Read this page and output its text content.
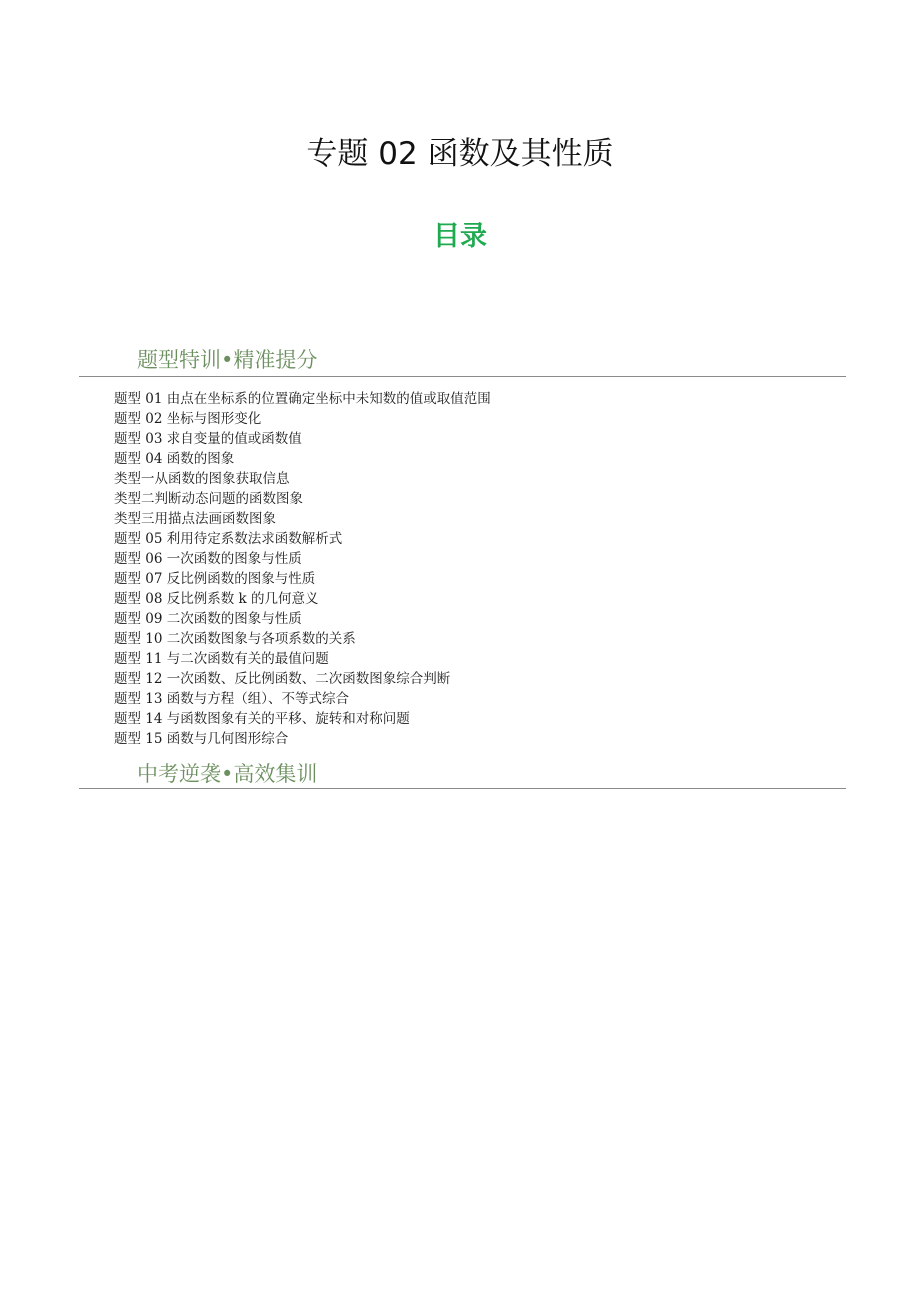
专题 02 函数及其性质
目录
题型特训•精准提分
题型 01 由点在坐标系的位置确定坐标中未知数的值或取值范围
题型 02 坐标与图形变化
题型 03 求自变量的值或函数值
题型 04 函数的图象
类型一从函数的图象获取信息
类型二判断动态问题的函数图象
类型三用描点法画函数图象
题型 05 利用待定系数法求函数解析式
题型 06 一次函数的图象与性质
题型 07 反比例函数的图象与性质
题型 08 反比例系数 k 的几何意义
题型 09 二次函数的图象与性质
题型 10 二次函数图象与各项系数的关系
题型 11 与二次函数有关的最值问题
题型 12 一次函数、反比例函数、二次函数图象综合判断
题型 13 函数与方程（组）、不等式综合
题型 14 与函数图象有关的平移、旋转和对称问题
题型 15 函数与几何图形综合
中考逆袭•高效集训
